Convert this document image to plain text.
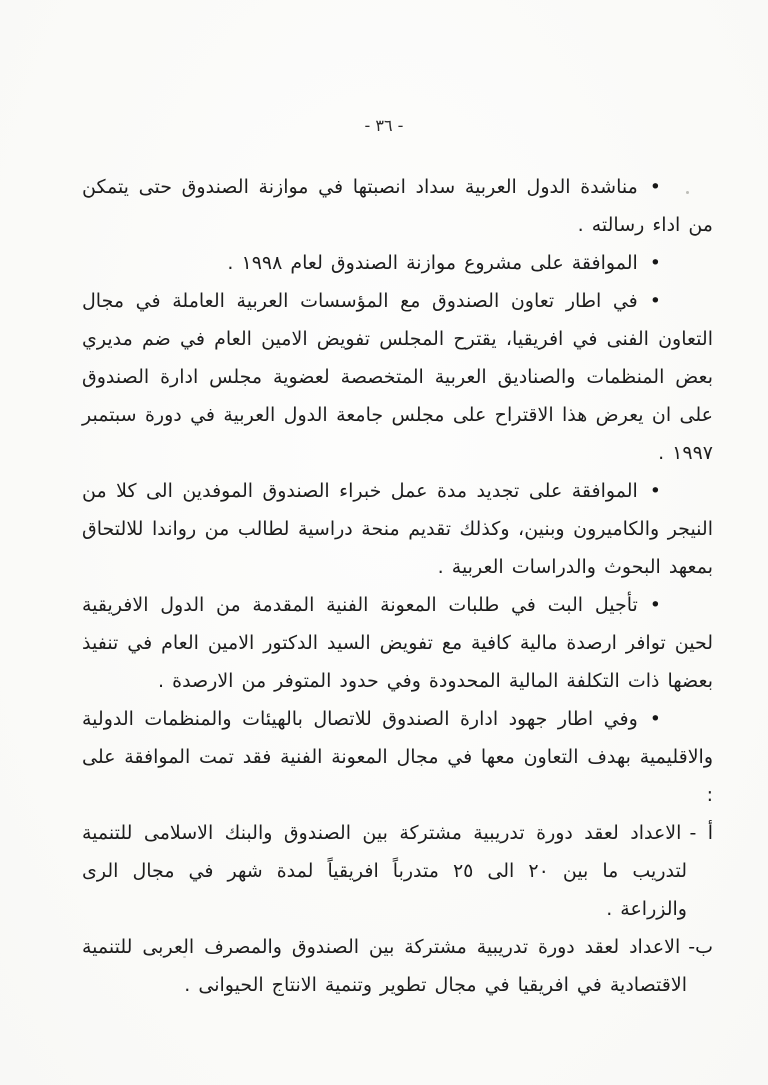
- ٣٦ -
•مناشدة الدول العربية سداد انصبتها في موازنة الصندوق حتى يتمكن من اداء رسالته .
•الموافقة على مشروع موازنة الصندوق لعام ١٩٩٨ .
•في اطار تعاون الصندوق مع المؤسسات العربية العاملة في مجال التعاون الفنى في افريقيا، يقترح المجلس تفويض الامين العام في ضم مديري بعض المنظمات والصناديق العربية المتخصصة لعضوية مجلس ادارة الصندوق على ان يعرض هذا الاقتراح على مجلس جامعة الدول العربية في دورة سبتمبر ١٩٩٧ .
•الموافقة على تجديد مدة عمل خبراء الصندوق الموفدين الى كلا من النيجر والكاميرون وبنين، وكذلك تقديم منحة دراسية لطالب من رواندا للالتحاق بمعهد البحوث والدراسات العربية .
•تأجيل البت في طلبات المعونة الفنية المقدمة من الدول الافريقية لحين توافر ارصدة مالية كافية مع تفويض السيد الدكتور الامين العام في تنفيذ بعضها ذات التكلفة المالية المحدودة وفي حدود المتوفر من الارصدة .
•وفي اطار جهود ادارة الصندوق للاتصال بالهيئات والمنظمات الدولية والاقليمية بهدف التعاون معها في مجال المعونة الفنية فقد تمت الموافقة على :
أ -الاعداد لعقد دورة تدريبية مشتركة بين الصندوق والبنك الاسلامى للتنمية لتدريب ما بين ٢٠ الى ٢٥ متدرباً افريقياً لمدة شهر في مجال الرى والزراعة .
ب-الاعداد لعقد دورة تدريبية مشتركة بين الصندوق والمصرف العربى للتنمية الاقتصادية في افريقيا في مجال تطوير وتنمية الانتاج الحيوانى .
